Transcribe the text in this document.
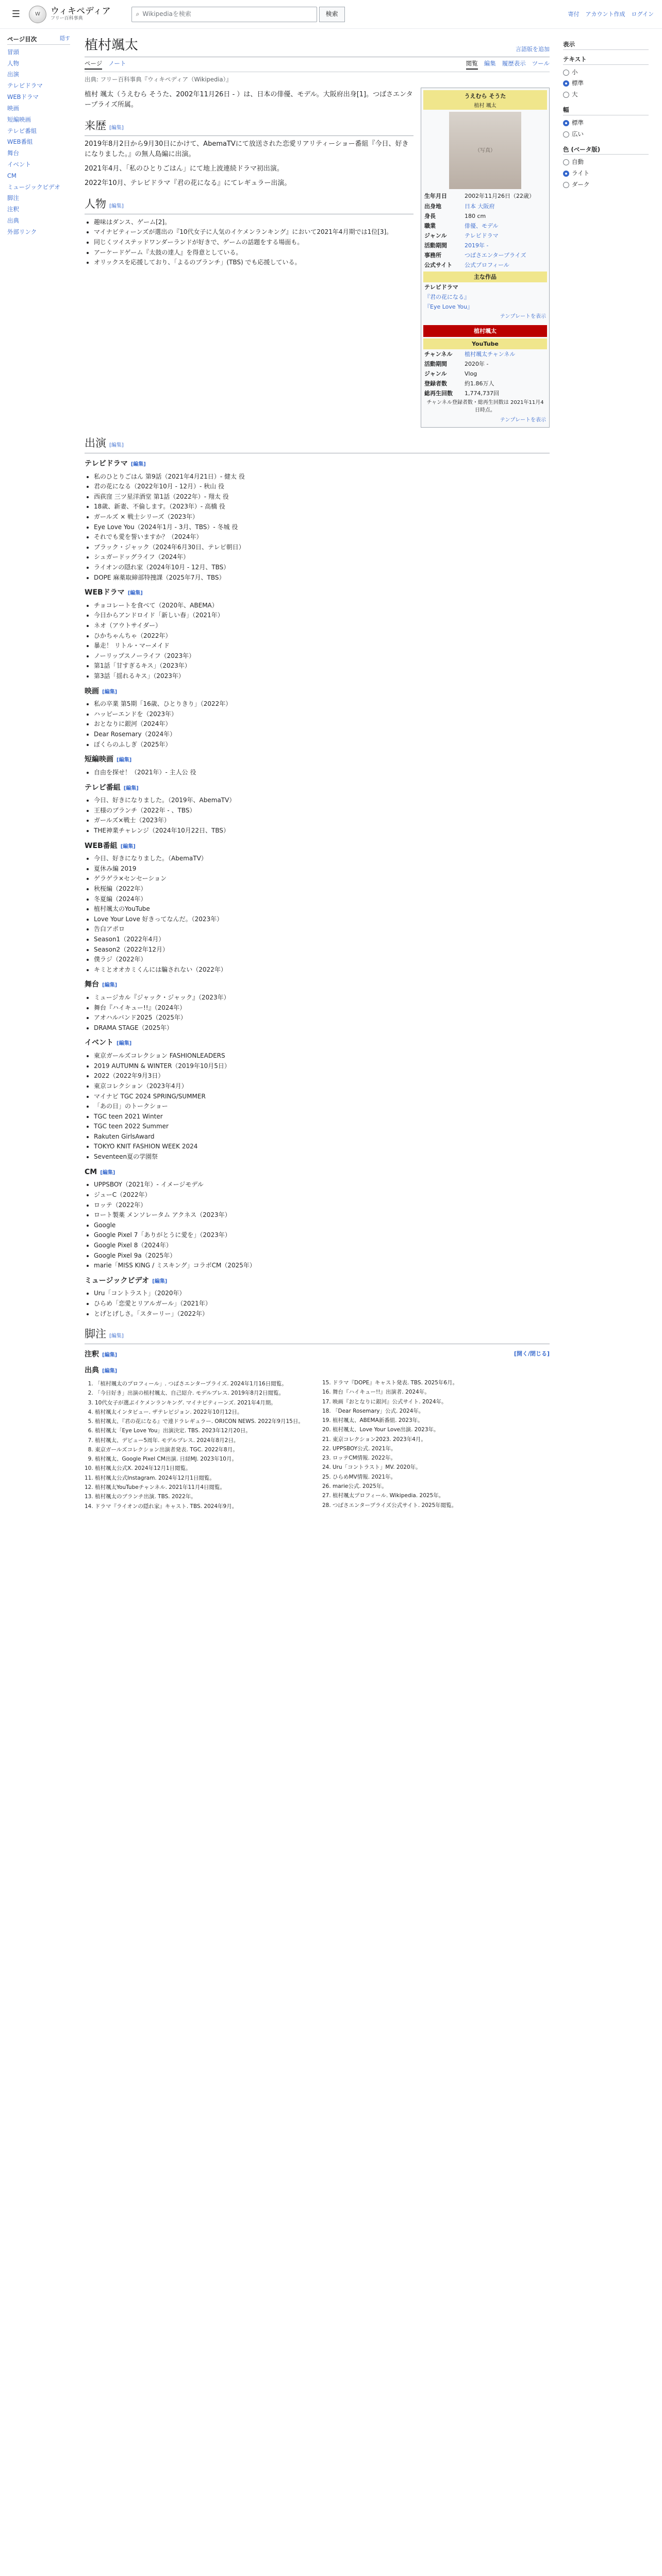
☰	W	ウィキペディア
フリー百科事典
⌕ Wikipediaを検索	検索	寄付 アカウント作成 ログイン
ページ目次	隠す
冒頭
人物
出演
テレビドラマ
WEBドラマ
映画
短編映画
テレビ番組
WEB番組
舞台
イベント
CM
ミュージックビデオ
脚注
注釈
出典
外部リンク
植村颯太	言語版を追加
ページ ノート	閲覧 編集 履歴表示 ツール
出典: フリー百科事典『ウィキペディア（Wikipedia）』

植村 颯太（うえむら そうた、2002年11月26日 - ）は、日本の俳優、モデル。大阪府出身[1]。つばさエンタープライズ所属。

来歴 [編集]

2019年8月2日から9月30日にかけて、AbemaTVにて放送された恋愛リアリティーショー番組『今日、好きになりました。』の無人島編に出演。

2021年4月、「私のひとりごはん」にて地上波連続ドラマ初出演。

2022年10月、テレビドラマ『君の花になる』にてレギュラー出演。

人物 [編集]
• 趣味はダンス、ゲーム[2]。
• マイナビティーンズが選出の『10代女子に人気のイケメンランキング』において2021年4月期では1位[3]。
• 同じくツイステッドワンダーランドが好きで、ゲームの話題をする場面も。
• アーケードゲーム『太鼓の達人』を得意としている。
• オリックスを応援しており、「よるのブランチ」(TBS) でも応援している。
うえむら そうた
植村 颯太
（写真）
生年月日	2002年11月26日（22歳）
出身地	日本 大阪府
身長	180 cm
職業	俳優、モデル
ジャンル	テレビドラマ
活動期間	2019年 -
事務所	つばさエンタープライズ
公式サイト	公式プロフィール
主な作品
テレビドラマ
『君の花になる』
『Eye Love You』
テンプレートを表示
植村颯太
YouTube
チャンネル	植村颯太チャンネル
活動期間	2020年 -
ジャンル	Vlog
登録者数	約1.86万人
総再生回数	1,774,737回
チャンネル登録者数・総再生回数は 2021年11月4日時点。
テンプレートを表示
出演 [編集]
テレビドラマ [編集]
• 私のひとりごはん 第9話（2021年4月21日）- 健太 役
• 君の花になる（2022年10月 - 12月）- 秋山 役
• 西荻窪 三ツ星洋酒堂 第1話（2022年）- 翔太 役
• 18歳、新妻、不倫します。（2023年）- 高橋 役
• ガールズ × 戦士シリーズ（2023年）
• Eye Love You（2024年1月 - 3月、TBS）- 冬城 役
• それでも愛を誓いますか？（2024年）
• ブラック・ジャック（2024年6月30日、テレビ朝日）
• シュガードッグライフ（2024年）
• ライオンの隠れ家（2024年10月 - 12月、TBS）
• DOPE 麻薬取締部特捜課（2025年7月、TBS）
WEBドラマ [編集]
• チョコレートを食べて（2020年、ABEMA）
• 今日からアンドロイド「新しい春」（2021年）
• ネオ（アウトサイダー）
• ひかちゃんちゃ（2022年）
• 暴走！ リトル・マーメイド
• ノーリップスノーライフ（2023年）
• 第1話「甘すぎるキス」（2023年）
• 第3話「揺れるキス」（2023年）
映画 [編集]
• 私の卒業 第5期「16歳、ひとりきり」（2022年）
• ハッピーエンドを（2023年）
• おとなりに銀河（2024年）
• Dear Rosemary（2024年）
• ぼくらのふしぎ（2025年）
短編映画 [編集]
• 自由を探せ！（2021年）- 主人公 役
テレビ番組 [編集]
• 今日、好きになりました。（2019年、AbemaTV）
• 王様のブランチ（2022年 - 、TBS）
• ガールズ×戦士（2023年）
• THE神業チャレンジ（2024年10月22日、TBS）
WEB番組 [編集]
• 今日、好きになりました。（AbemaTV）
• 夏休み編 2019
• ゲラゲラ×センセーション
• 秋桜編（2022年）
• 冬夏編（2024年）
• 植村颯太のYouTube
• Love Your Love 好きってなんだ。（2023年）
• 告白アポロ
• Season1（2022年4月）
• Season2（2022年12月）
• 僕ラジ（2022年）
• キミとオオカミくんには騙されない（2022年）
舞台 [編集]
• ミュージカル『ジャック・ジャック』（2023年）
• 舞台『ハイキュー!!』（2024年）
• アオハルバンド2025（2025年）
• DRAMA STAGE（2025年）
イベント [編集]
• 東京ガールズコレクション FASHIONLEADERS
• 2019 AUTUMN & WINTER（2019年10月5日）
• 2022（2022年9月3日）
• 東京コレクション（2023年4月）
• マイナビ TGC 2024 SPRING/SUMMER
• 「あの日」のトークショー
• TGC teen 2021 Winter
• TGC teen 2022 Summer
• Rakuten GirlsAward
• TOKYO KNIT FASHION WEEK 2024
• Seventeen夏の学園祭
CM [編集]
• UPPSBOY（2021年）- イメージモデル
• ジューC（2022年）
• ロッテ（2022年）
• ロート製薬 メンソレータム アクネス（2023年）
• Google
• Google Pixel 7「ありがとうに愛を」（2023年）
• Google Pixel 8（2024年）
• Google Pixel 9a（2025年）
• marie「MISS KING / ミスキング」コラボCM（2025年）
ミュージックビデオ [編集]
• Uru「コントラスト」（2020年）
• ひらめ「恋愛とリアルガール」（2021年）
• とげとげしさ。「スターリー」（2022年）
脚注 [編集]
注釈 [編集]	[開く/閉じる]
出典 [編集]
1. 「植村颯太のプロフィール」. つばさエンタープライズ. 2024年1月16日閲覧。
2. 「今日好き」出演の植村颯太、自己紹介. モデルプレス. 2019年8月2日閲覧。
3. 10代女子が選ぶイケメンランキング. マイナビティーンズ. 2021年4月期。
4. 植村颯太インタビュー. ザテレビジョン. 2022年10月12日。
5. 植村颯太、『君の花になる』で連ドラレギュラー. ORICON NEWS. 2022年9月15日。
6. 植村颯太「Eye Love You」出演決定. TBS. 2023年12月20日。
7. 植村颯太、デビュー5周年. モデルプレス. 2024年8月2日。
8. 東京ガールズコレクション出演者発表. TGC. 2022年8月。
9. 植村颯太、Google Pixel CM出演. 日経MJ. 2023年10月。
10. 植村颯太公式X. 2024年12月1日閲覧。
11. 植村颯太公式Instagram. 2024年12月1日閲覧。
12. 植村颯太YouTubeチャンネル. 2021年11月4日閲覧。
13. 植村颯太のブランチ出演. TBS. 2022年。
14. ドラマ『ライオンの隠れ家』キャスト. TBS. 2024年9月。
15. ドラマ『DOPE』キャスト発表. TBS. 2025年6月。
16. 舞台『ハイキュー!!』出演者. 2024年。
17. 映画『おとなりに銀河』公式サイト. 2024年。
18. 「Dear Rosemary」公式. 2024年。
19. 植村颯太、ABEMA新番組. 2023年。
20. 植村颯太、Love Your Love出演. 2023年。
21. 東京コレクション2023. 2023年4月。
22. UPPSBOY公式. 2021年。
23. ロッテCM情報. 2022年。
24. Uru「コントラスト」MV. 2020年。
25. ひらめMV情報. 2021年。
26. marie公式. 2025年。
27. 植村颯太プロフィール. Wikipedia. 2025年。
28. つばさエンタープライズ公式サイト. 2025年閲覧。
表示
テキスト
小
標準
大
幅
標準
広い
色 (ベータ版)
自動
ライト
ダーク
